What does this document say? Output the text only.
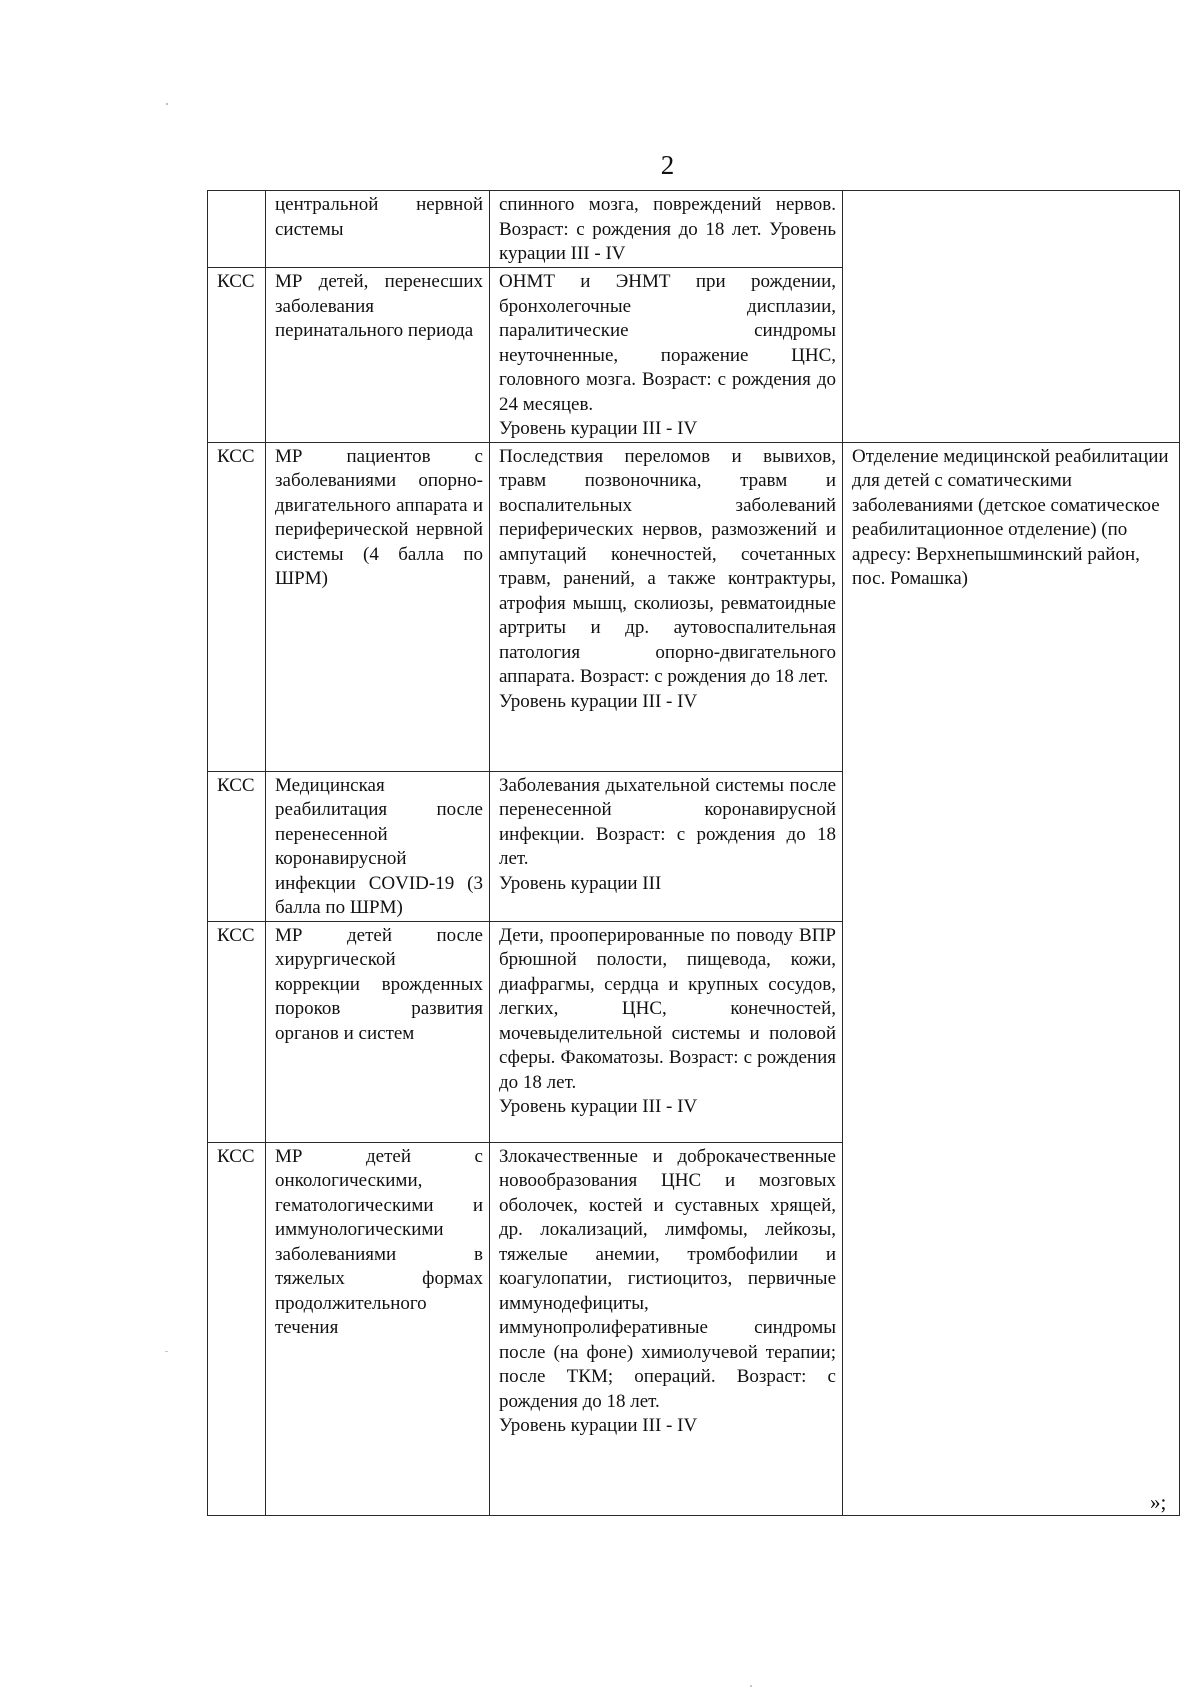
2
	центральной нервной системы	спинного мозга, повреждений нервов. Возраст: с рождения до 18 лет. Уровень курации III - IV	
КСС	МР детей, перенесших заболевания перинатального периода	ОНМТ и ЭНМТ при рождении, бронхолегочные дисплазии, паралитические синдромы неуточненные, поражение ЦНС, головного мозга. Возраст: с рождения до 24 месяцев.
Уровень курации III - IV	

КСС	МР пациентов с заболеваниями опорно-двигательного аппарата и периферической нервной системы (4 балла по ШРМ)	Последствия переломов и вывихов, травм позвоночника, травм и воспалительных заболеваний периферических нервов, размозжений и ампутаций конечностей, сочетанных травм, ранений, а также контрактуры, атрофия мышц, сколиозы, ревматоидные артриты и др. аутовоспалительная патология опорно-двигательного аппарата. Возраст: с рождения до 18 лет.
Уровень курации III - IV	Отделение медицинской реабилитации для детей с соматическими заболеваниями (детское соматическое реабилитационное отделение) (по адресу: Верхнепышминский район, пос. Ромашка)

КСС	Медицинская реабилитация после перенесенной коронавирусной инфекции COVID-19 (3 балла по ШРМ)	Заболевания дыхательной системы после перенесенной коронавирусной инфекции. Возраст: с рождения до 18 лет.
Уровень курации III	

КСС	МР детей после хирургической коррекции врожденных пороков развития органов и систем	Дети, прооперированные по поводу ВПР брюшной полости, пищевода, кожи, диафрагмы, сердца и крупных сосудов, легких, ЦНС, конечностей, мочевыделительной системы и половой сферы. Факоматозы. Возраст: с рождения до 18 лет.
Уровень курации III - IV	

КСС	МР детей с онкологическими, гематологическими и иммунологическими заболеваниями в тяжелых формах продолжительного течения	Злокачественные и доброкачественные новообразования ЦНС и мозговых оболочек, костей и суставных хрящей, др. локализаций, лимфомы, лейкозы, тяжелые анемии, тромбофилии и коагулопатии, гистиоцитоз, первичные иммунодефициты, иммунопролиферативные синдромы после (на фоне) химиолучевой терапии; после ТКМ; операций. Возраст: с рождения до 18 лет.
Уровень курации III - IV	
»;
